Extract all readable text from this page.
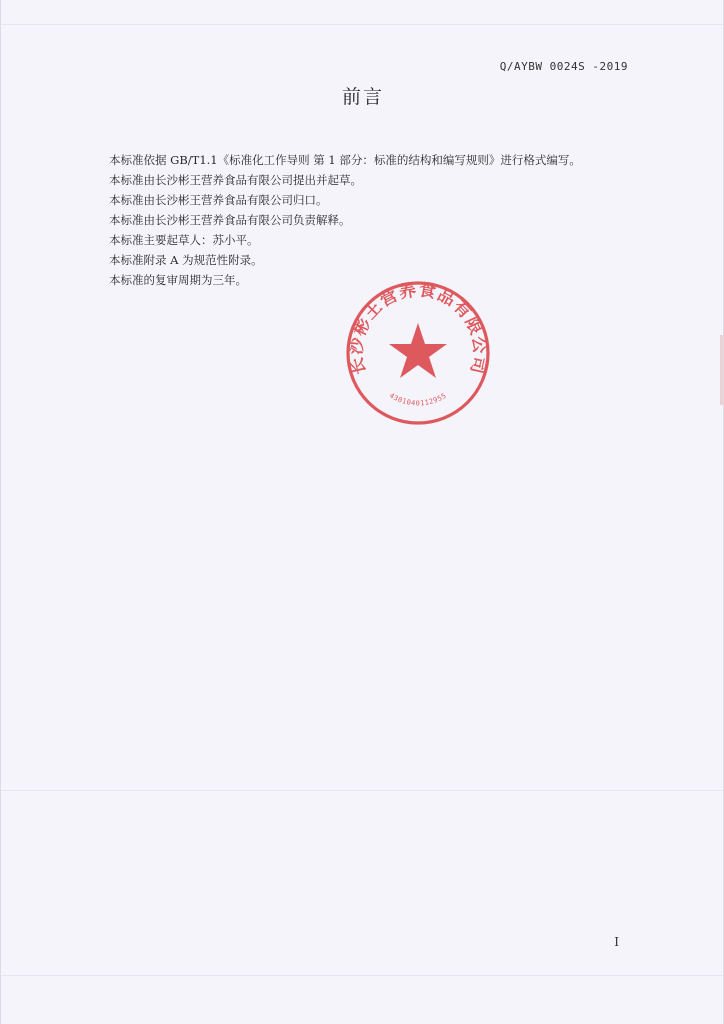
Q/AYBW 0024S -2019
前言
本标准依据 GB/T1.1《标准化工作导则 第 1 部分：标准的结构和编写规则》进行格式编写。
本标准由长沙彬王营养食品有限公司提出并起草。
本标准由长沙彬王营养食品有限公司归口。
本标准由长沙彬王营养食品有限公司负责解释。
本标准主要起草人：苏小平。
本标准附录 A 为规范性附录。
本标准的复审周期为三年。
长沙彬王营养食品有限公司
4301040112955
I
